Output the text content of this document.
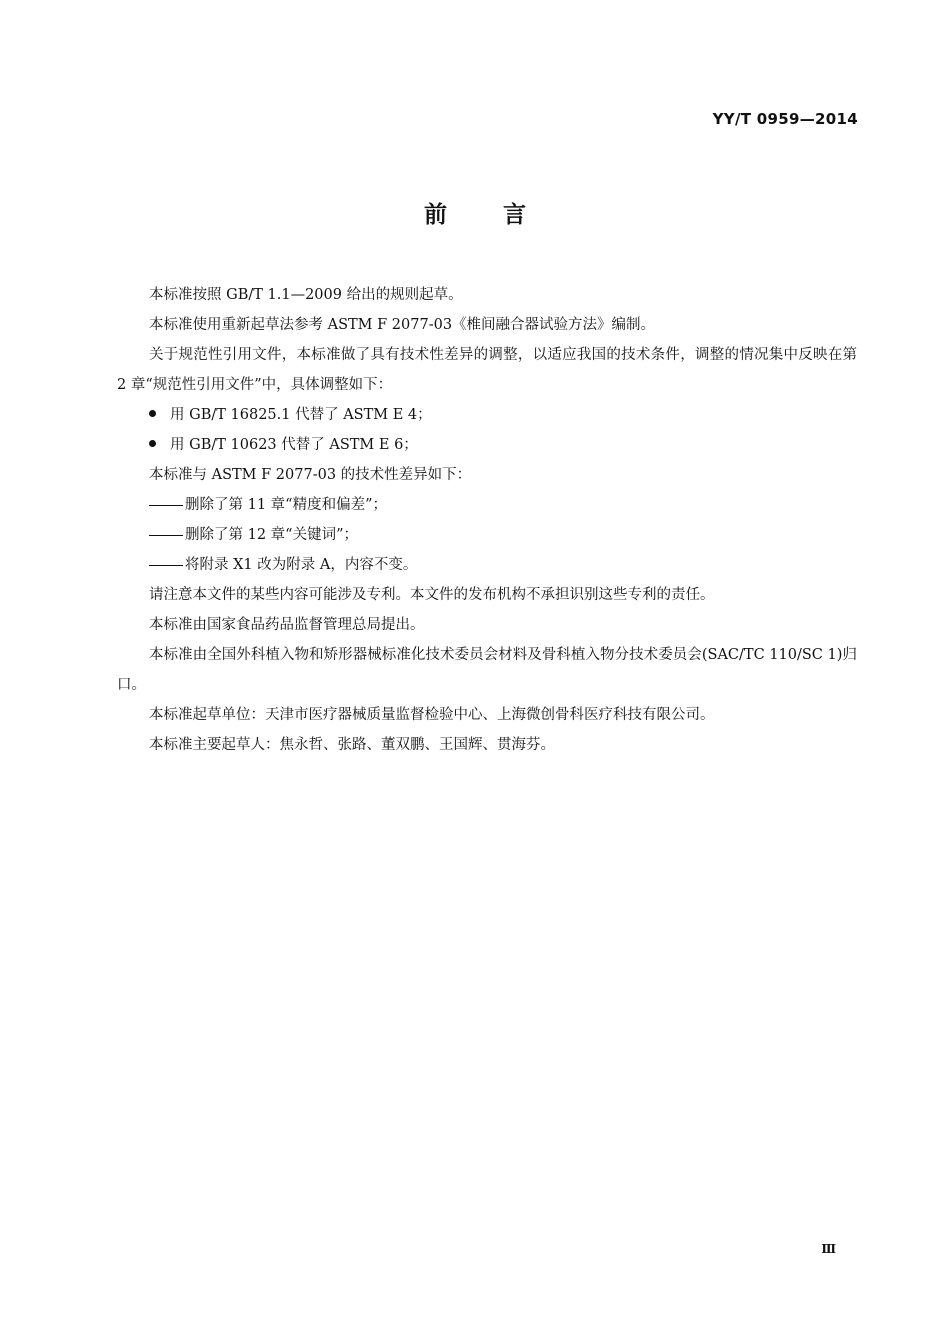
YY/T 0959—2014
前言

本标准按照 GB/T 1.1—2009 给出的规则起草。

本标准使用重新起草法参考 ASTM F 2077-03《椎间融合器试验方法》编制。

关于规范性引用文件，本标准做了具有技术性差异的调整，以适应我国的技术条件，调整的情况集中反映在第 2 章“规范性引用文件”中，具体调整如下：

用 GB/T 16825.1 代替了 ASTM E 4；

用 GB/T 10623 代替了 ASTM E 6；

本标准与 ASTM F 2077-03 的技术性差异如下：

删除了第 11 章“精度和偏差”；

删除了第 12 章“关键词”；

将附录 X1 改为附录 A，内容不变。

请注意本文件的某些内容可能涉及专利。本文件的发布机构不承担识别这些专利的责任。

本标准由国家食品药品监督管理总局提出。

本标准由全国外科植入物和矫形器械标准化技术委员会材料及骨科植入物分技术委员会(SAC/TC 110/SC 1)归口。

本标准起草单位：天津市医疗器械质量监督检验中心、上海微创骨科医疗科技有限公司。

本标准主要起草人：焦永哲、张路、董双鹏、王国辉、贯海芬。

Ⅲ
